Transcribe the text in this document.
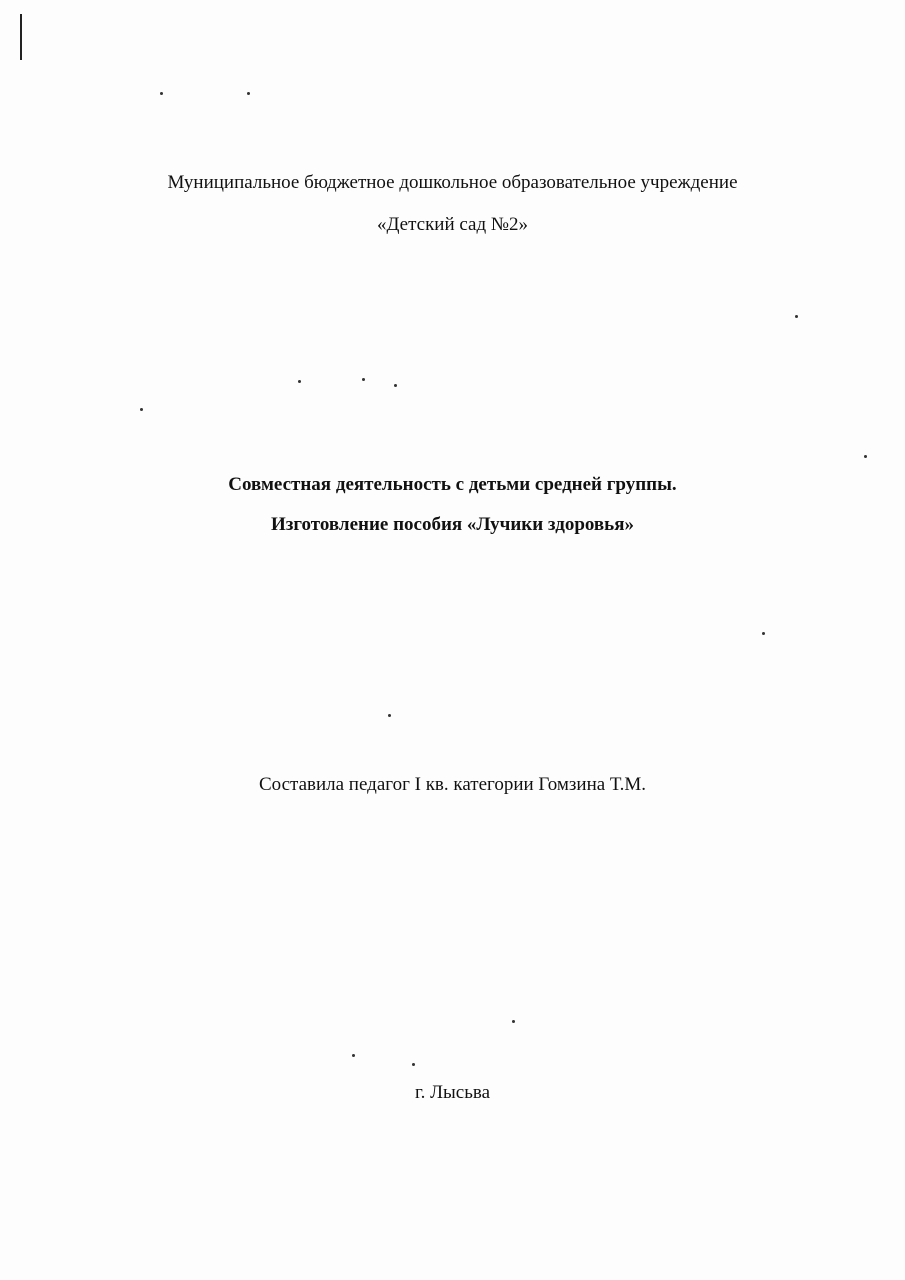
Муниципальное бюджетное дошкольное образовательное учреждение
«Детский сад №2»
Совместная деятельность с детьми средней группы.
Изготовление пособия «Лучики здоровья»
Составила педагог I кв. категории Гомзина Т.М.
г. Лысьва
